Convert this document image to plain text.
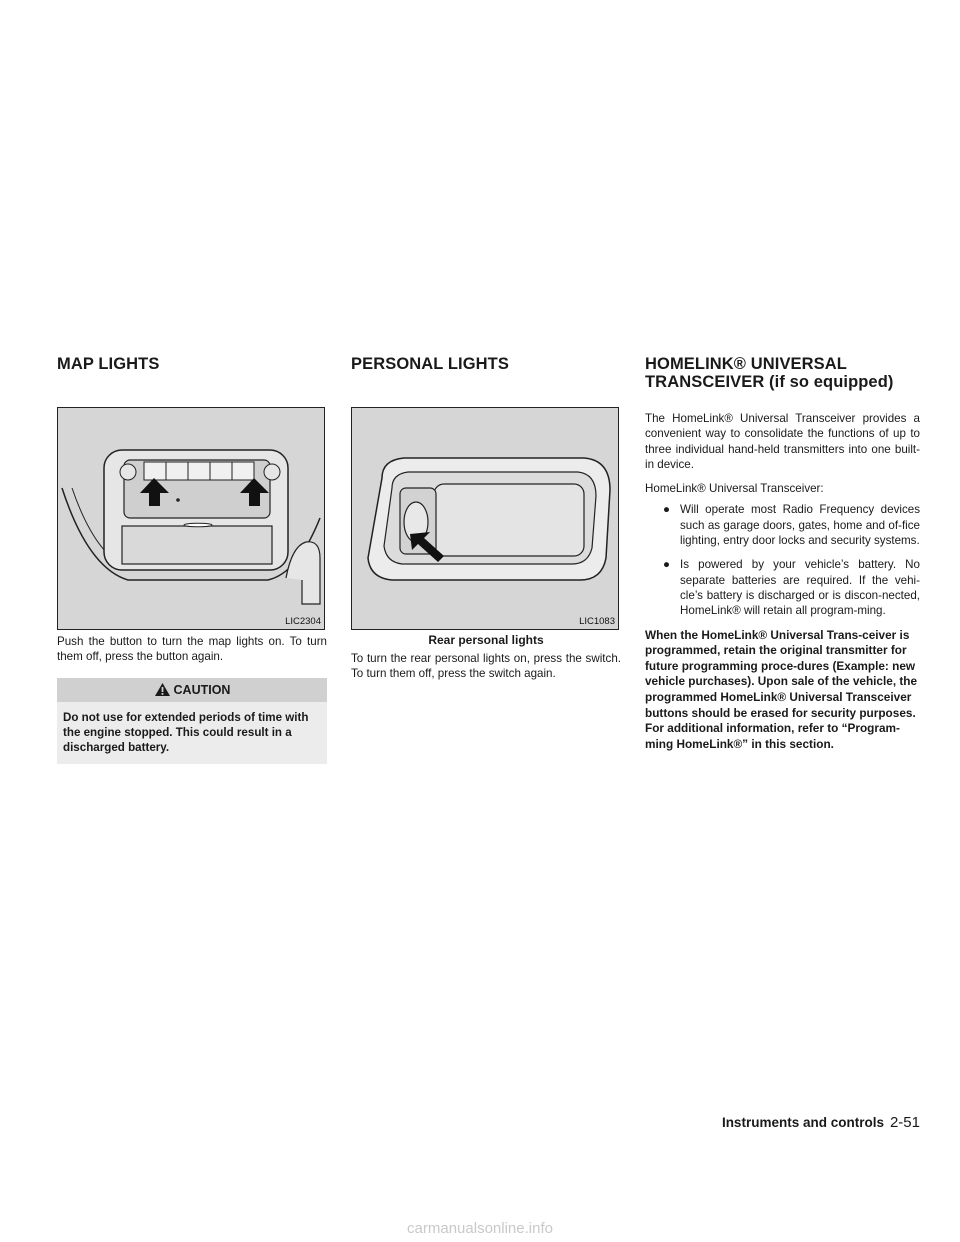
MAP LIGHTS
LIC2304

Push the button to turn the map lights on. To turn them off, press the button again.

CAUTION
Do not use for extended periods of time with the engine stopped. This could result in a discharged battery.
PERSONAL LIGHTS
LIC1083
Rear personal lights

To turn the rear personal lights on, press the switch. To turn them off, press the switch again.

HOMELINK® UNIVERSAL
TRANSCEIVER (if so equipped)

The HomeLink® Universal Transceiver provides a convenient way to consolidate the functions of up to three individual hand-held transmitters into one built-in device.

HomeLink® Universal Transceiver:

● Will operate most Radio Frequency devices such as garage doors, gates, home and of-fice lighting, entry door locks and security systems.
● Is powered by your vehicle’s battery. No separate batteries are required. If the vehi-cle’s battery is discharged or is discon-nected, HomeLink® will retain all program-ming.

When the HomeLink® Universal Trans-ceiver is programmed, retain the original transmitter for future programming proce-dures (Example: new vehicle purchases). Upon sale of the vehicle, the programmed HomeLink® Universal Transceiver buttons should be erased for security purposes. For additional information, refer to “Program-ming HomeLink®” in this section.

Instruments and controls 2-51
carmanualsonline.info
